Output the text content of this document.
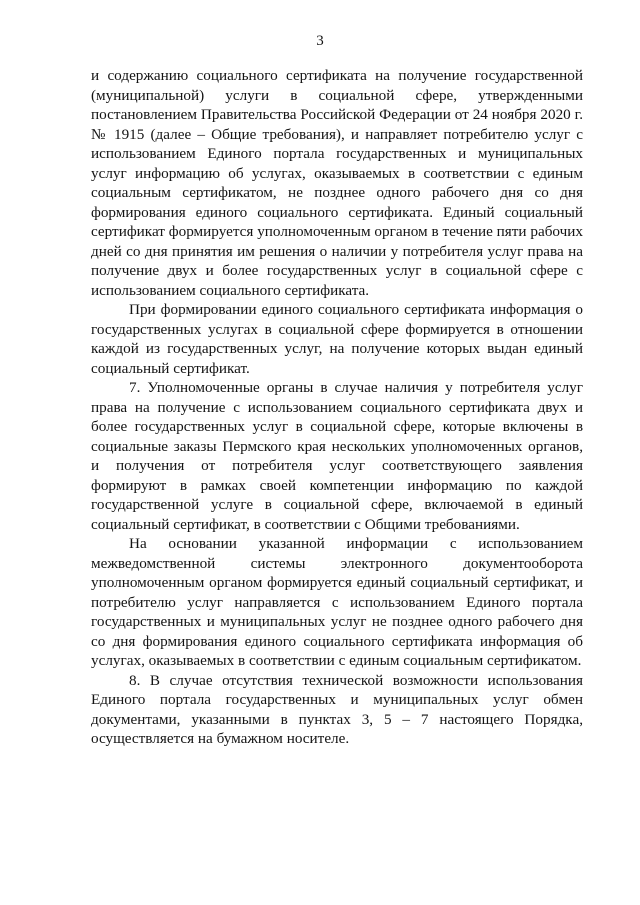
3

и содержанию социального сертификата на получение государственной (муниципальной) услуги в социальной сфере, утвержденными постановлением Правительства Российской Федерации от 24 ноября 2020 г. № 1915 (далее – Общие требования), и направляет потребителю услуг с использованием Единого портала государственных и муниципальных услуг информацию об услугах, оказываемых в соответствии с единым социальным сертификатом, не позднее одного рабочего дня со дня формирования единого социального сертификата. Единый социальный сертификат формируется уполномоченным органом в течение пяти рабочих дней со дня принятия им решения о наличии у потребителя услуг права на получение двух и более государственных услуг в социальной сфере с использованием социального сертификата.

При формировании единого социального сертификата информация о государственных услугах в социальной сфере формируется в отношении каждой из государственных услуг, на получение которых выдан единый социальный сертификат.

7. Уполномоченные органы в случае наличия у потребителя услуг права на получение с использованием социального сертификата двух и более государственных услуг в социальной сфере, которые включены в социальные заказы Пермского края нескольких уполномоченных органов, и получения от потребителя услуг соответствующего заявления формируют в рамках своей компетенции информацию по каждой государственной услуге в социальной сфере, включаемой в единый социальный сертификат, в соответствии с Общими требованиями.

На основании указанной информации с использованием межведомственной системы электронного документооборота уполномоченным органом формируется единый социальный сертификат, и потребителю услуг направляется с использованием Единого портала государственных и муниципальных услуг не позднее одного рабочего дня со дня формирования единого социального сертификата информация об услугах, оказываемых в соответствии с единым социальным сертификатом.

8. В случае отсутствия технической возможности использования Единого портала государственных и муниципальных услуг обмен документами, указанными в пунктах 3, 5 – 7 настоящего Порядка, осуществляется на бумажном носителе.
